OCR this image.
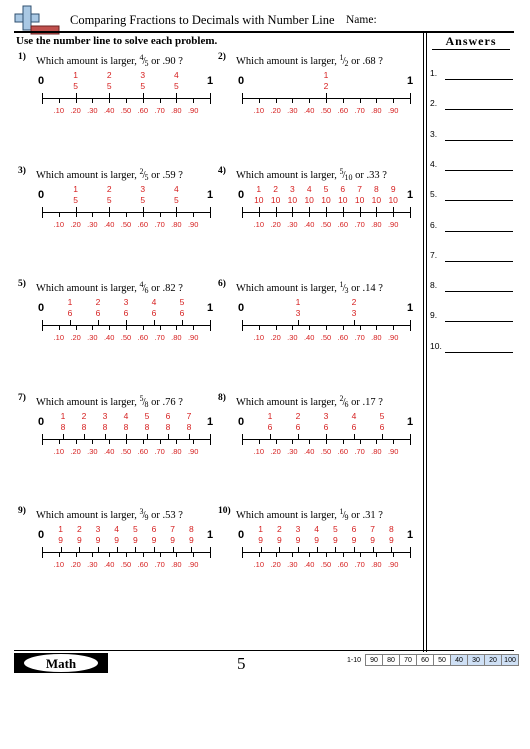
Comparing Fractions to Decimals with Number Line Name:
Use the number line to solve each problem.	Answers
1.
2.
3.
4.
5.
6.
7.
8.
9.
10.
1) Which amount is larger, 4/5 or .90 ?
0	1
.10 .20 .30 .40 .50 .60 .70 .80 .90
1
5
2
5
3
5
4
5
2) Which amount is larger, 1/2 or .68 ?
0	1
.10 .20 .30 .40 .50 .60 .70 .80 .90
1
2
3) Which amount is larger, 2/5 or .59 ?
0	1
.10 .20 .30 .40 .50 .60 .70 .80 .90
1
5
2
5
3
5
4
5
4) Which amount is larger, 5/10 or .33 ?
0	1
.10 .20 .30 .40 .50 .60 .70 .80 .90
1
10
2
10
3
10
4
10
5
10
6
10
7
10
8
10
9
10
5) Which amount is larger, 4/6 or .82 ?
0	1
.10 .20 .30 .40 .50 .60 .70 .80 .90
1
6
2
6
3
6
4
6
5
6
6) Which amount is larger, 1/3 or .14 ?
0	1
.10 .20 .30 .40 .50 .60 .70 .80 .90
1
3
2
3
7) Which amount is larger, 5/8 or .76 ?
0	1
.10 .20 .30 .40 .50 .60 .70 .80 .90
1
8
2
8
3
8
4
8
5
8
6
8
7
8
8) Which amount is larger, 2/6 or .17 ?
0	1
.10 .20 .30 .40 .50 .60 .70 .80 .90
1
6
2
6
3
6
4
6
5
6
9) Which amount is larger, 3/9 or .53 ?
0	1
.10 .20 .30 .40 .50 .60 .70 .80 .90
1
9
2
9
3
9
4
9
5
9
6
9
7
9
8
9
10) Which amount is larger, 1/9 or .31 ?
0	1
.10 .20 .30 .40 .50 .60 .70 .80 .90
1
9
2
9
3
9
4
9
5
9
6
9
7
9
8
9
Math	5	1-10	90	80	70	60	50	40	30	20	100
